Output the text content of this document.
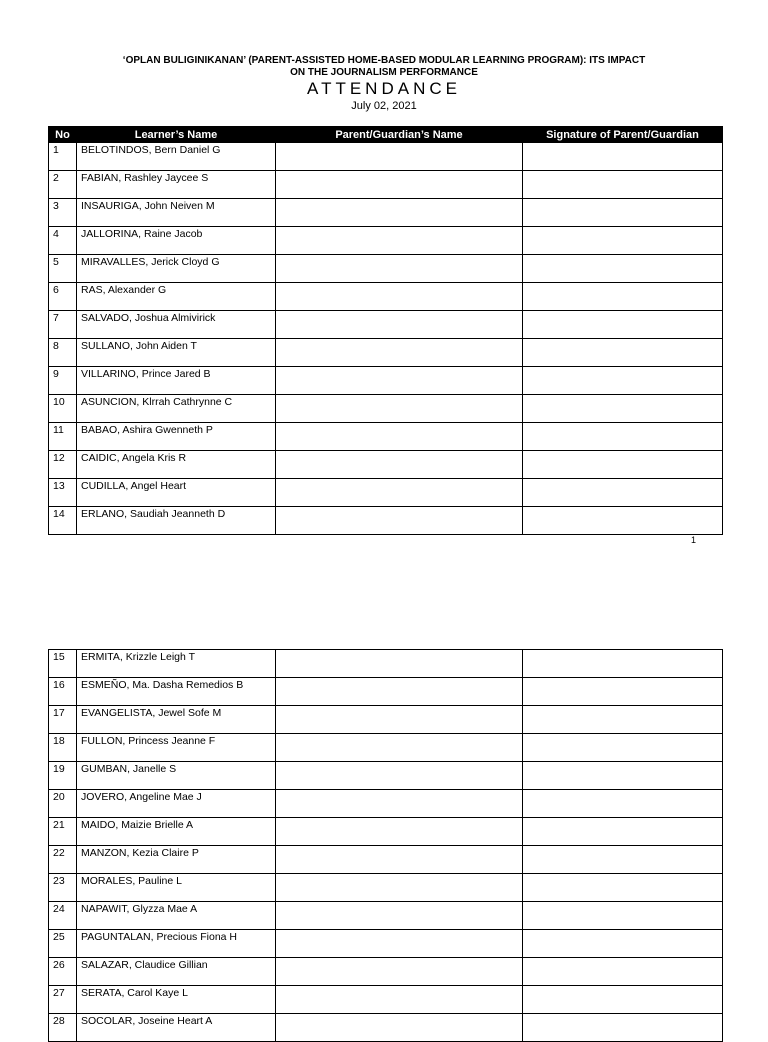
‘OPLAN BULIGINIKANAN’ (PARENT-ASSISTED HOME-BASED MODULAR LEARNING PROGRAM): ITS IMPACT
ON THE JOURNALISM PERFORMANCE
ATTENDANCE
July 02, 2021
No	Learner’s Name	Parent/Guardian’s Name	Signature of Parent/Guardian
1	BELOTINDOS, Bern Daniel G		
2	FABIAN, Rashley Jaycee S		
3	INSAURIGA, John Neiven M		
4	JALLORINA, Raine Jacob		
5	MIRAVALLES, Jerick Cloyd G		
6	RAS, Alexander G		
7	SALVADO, Joshua Almivirick		
8	SULLANO, John Aiden T		
9	VILLARINO, Prince Jared B		
10	ASUNCION, Klrrah Cathrynne C		
11	BABAO, Ashira Gwenneth P		
12	CAIDIC, Angela Kris R		
13	CUDILLA, Angel Heart		
14	ERLANO, Saudiah Jeanneth D		
1
15	ERMITA, Krizzle Leigh T		
16	ESMEÑO, Ma. Dasha Remedios B		
17	EVANGELISTA, Jewel Sofe M		
18	FULLON, Princess Jeanne F		
19	GUMBAN, Janelle S		
20	JOVERO, Angeline Mae J		
21	MAIDO, Maizie Brielle A		
22	MANZON, Kezia Claire P		
23	MORALES, Pauline L		
24	NAPAWIT, Glyzza Mae A		
25	PAGUNTALAN, Precious Fiona H		
26	SALAZAR, Claudice Gillian		
27	SERATA, Carol Kaye L		
28	SOCOLAR, Joseine Heart A		
